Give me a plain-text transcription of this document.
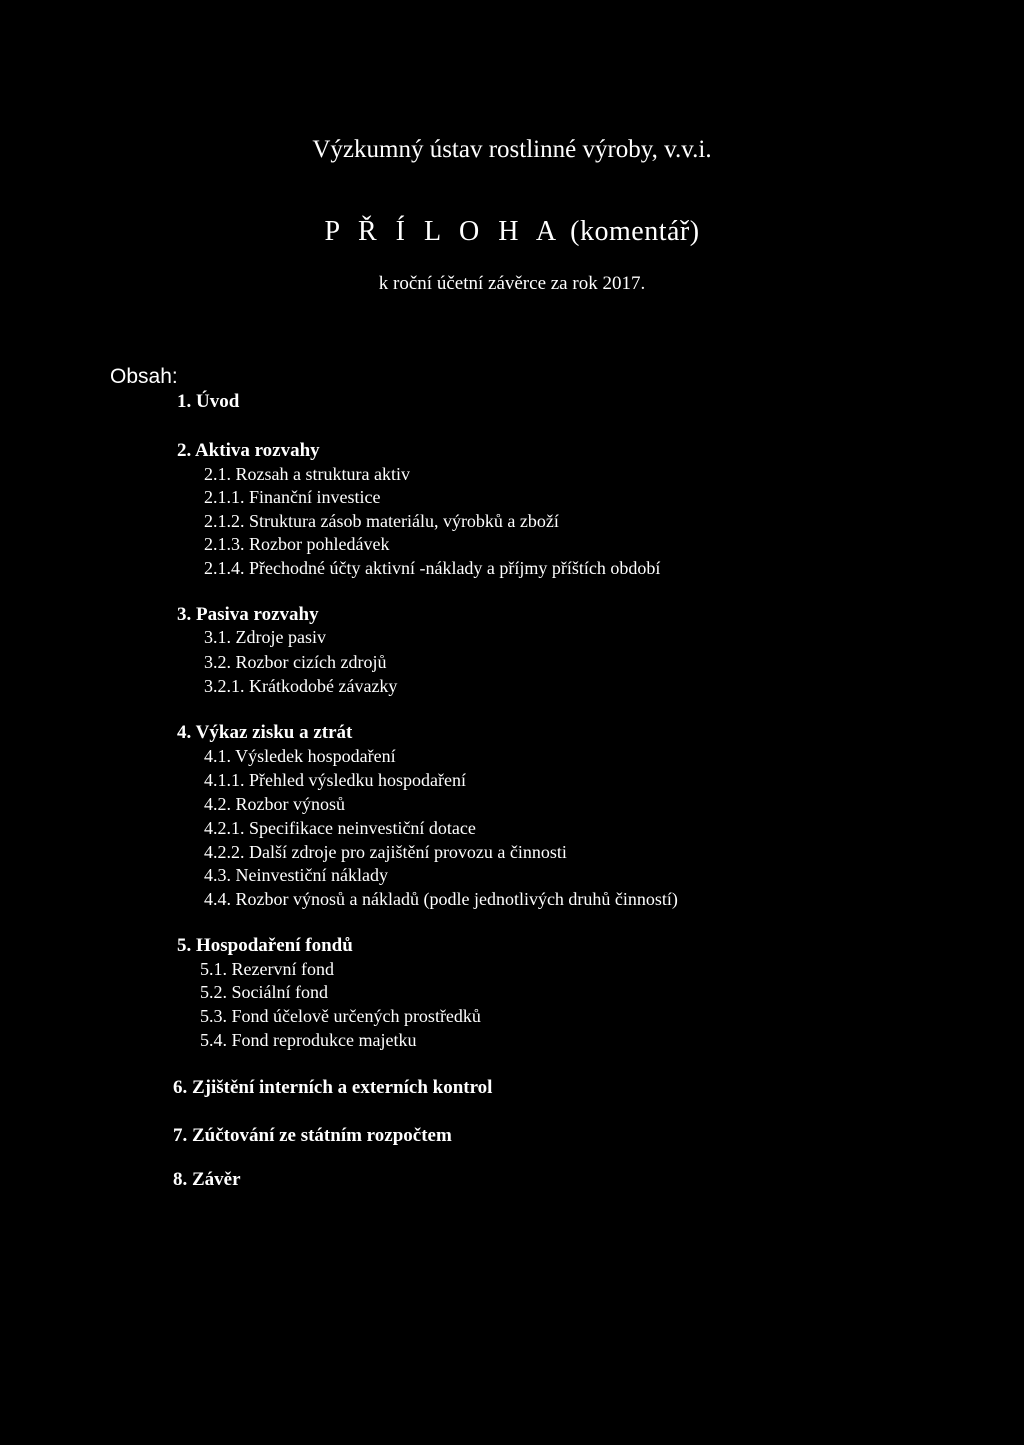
Výzkumný ústav rostlinné výroby, v.v.i.
P Ř Í L O H A (komentář)
k roční účetní závěrce za rok 2017.
Obsah:
1. Úvod
2. Aktiva rozvahy
2.1. Rozsah a struktura aktiv
2.1.1. Finanční investice
2.1.2. Struktura zásob materiálu, výrobků a zboží
2.1.3. Rozbor pohledávek
2.1.4. Přechodné účty aktivní -náklady a příjmy příštích období
3. Pasiva rozvahy
3.1. Zdroje pasiv
3.2. Rozbor cizích zdrojů
3.2.1. Krátkodobé závazky
4. Výkaz zisku a ztrát
4.1. Výsledek hospodaření
4.1.1. Přehled výsledku hospodaření
4.2. Rozbor výnosů
4.2.1. Specifikace neinvestiční dotace
4.2.2. Další zdroje pro zajištění provozu a činnosti
4.3. Neinvestiční náklady
4.4. Rozbor výnosů a nákladů (podle jednotlivých druhů činností)
5. Hospodaření fondů
5.1. Rezervní fond
5.2. Sociální fond
5.3. Fond účelově určených prostředků
5.4. Fond reprodukce majetku
6. Zjištění interních a externích kontrol
7. Zúčtování ze státním rozpočtem
8. Závěr
